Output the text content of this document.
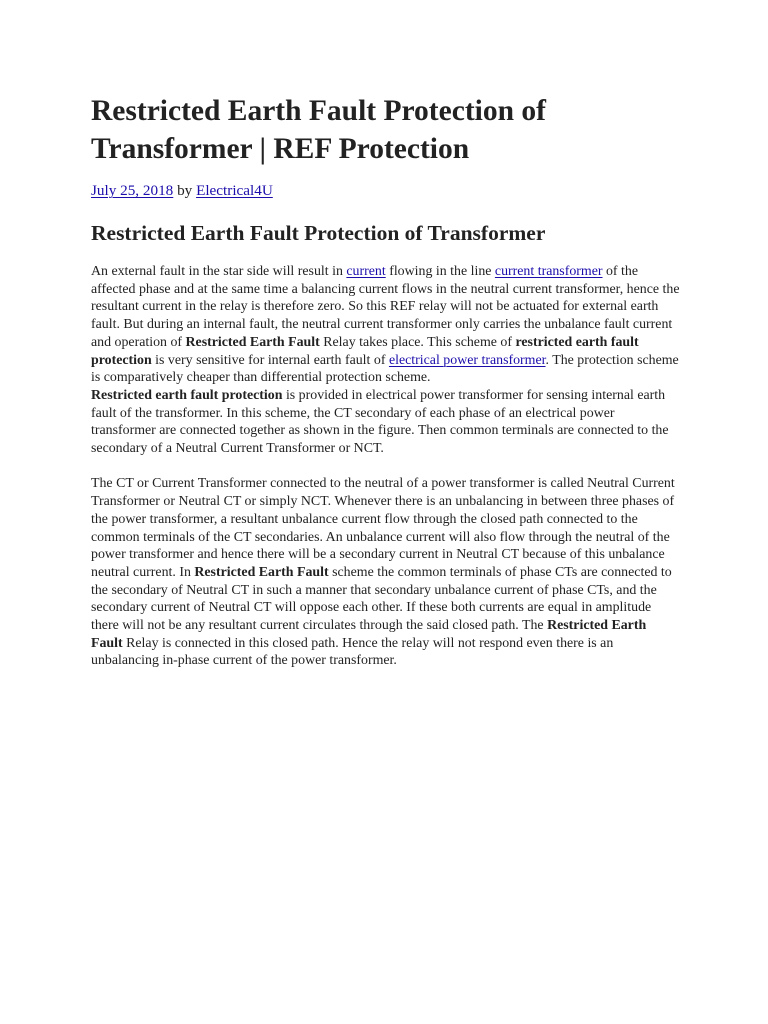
Restricted Earth Fault Protection of Transformer | REF Protection

July 25, 2018 by Electrical4U

Restricted Earth Fault Protection of Transformer

An external fault in the star side will result in current flowing in the line current transformer of the affected phase and at the same time a balancing current flows in the neutral current transformer, hence the resultant current in the relay is therefore zero. So this REF relay will not be actuated for external earth fault. But during an internal fault, the neutral current transformer only carries the unbalance fault current and operation of Restricted Earth Fault Relay takes place. This scheme of restricted earth fault protection is very sensitive for internal earth fault of electrical power transformer. The protection scheme is comparatively cheaper than differential protection scheme.

Restricted earth fault protection is provided in electrical power transformer for sensing internal earth fault of the transformer. In this scheme, the CT secondary of each phase of an electrical power transformer are connected together as shown in the figure. Then common terminals are connected to the secondary of a Neutral Current Transformer or NCT.

The CT or Current Transformer connected to the neutral of a power transformer is called Neutral Current Transformer or Neutral CT or simply NCT. Whenever there is an unbalancing in between three phases of the power transformer, a resultant unbalance current flow through the closed path connected to the common terminals of the CT secondaries. An unbalance current will also flow through the neutral of the power transformer and hence there will be a secondary current in Neutral CT because of this unbalance neutral current. In Restricted Earth Fault scheme the common terminals of phase CTs are connected to the secondary of Neutral CT in such a manner that secondary unbalance current of phase CTs, and the secondary current of Neutral CT will oppose each other. If these both currents are equal in amplitude there will not be any resultant current circulates through the said closed path. The Restricted Earth Fault Relay is connected in this closed path. Hence the relay will not respond even there is an unbalancing in-phase current of the power transformer.
